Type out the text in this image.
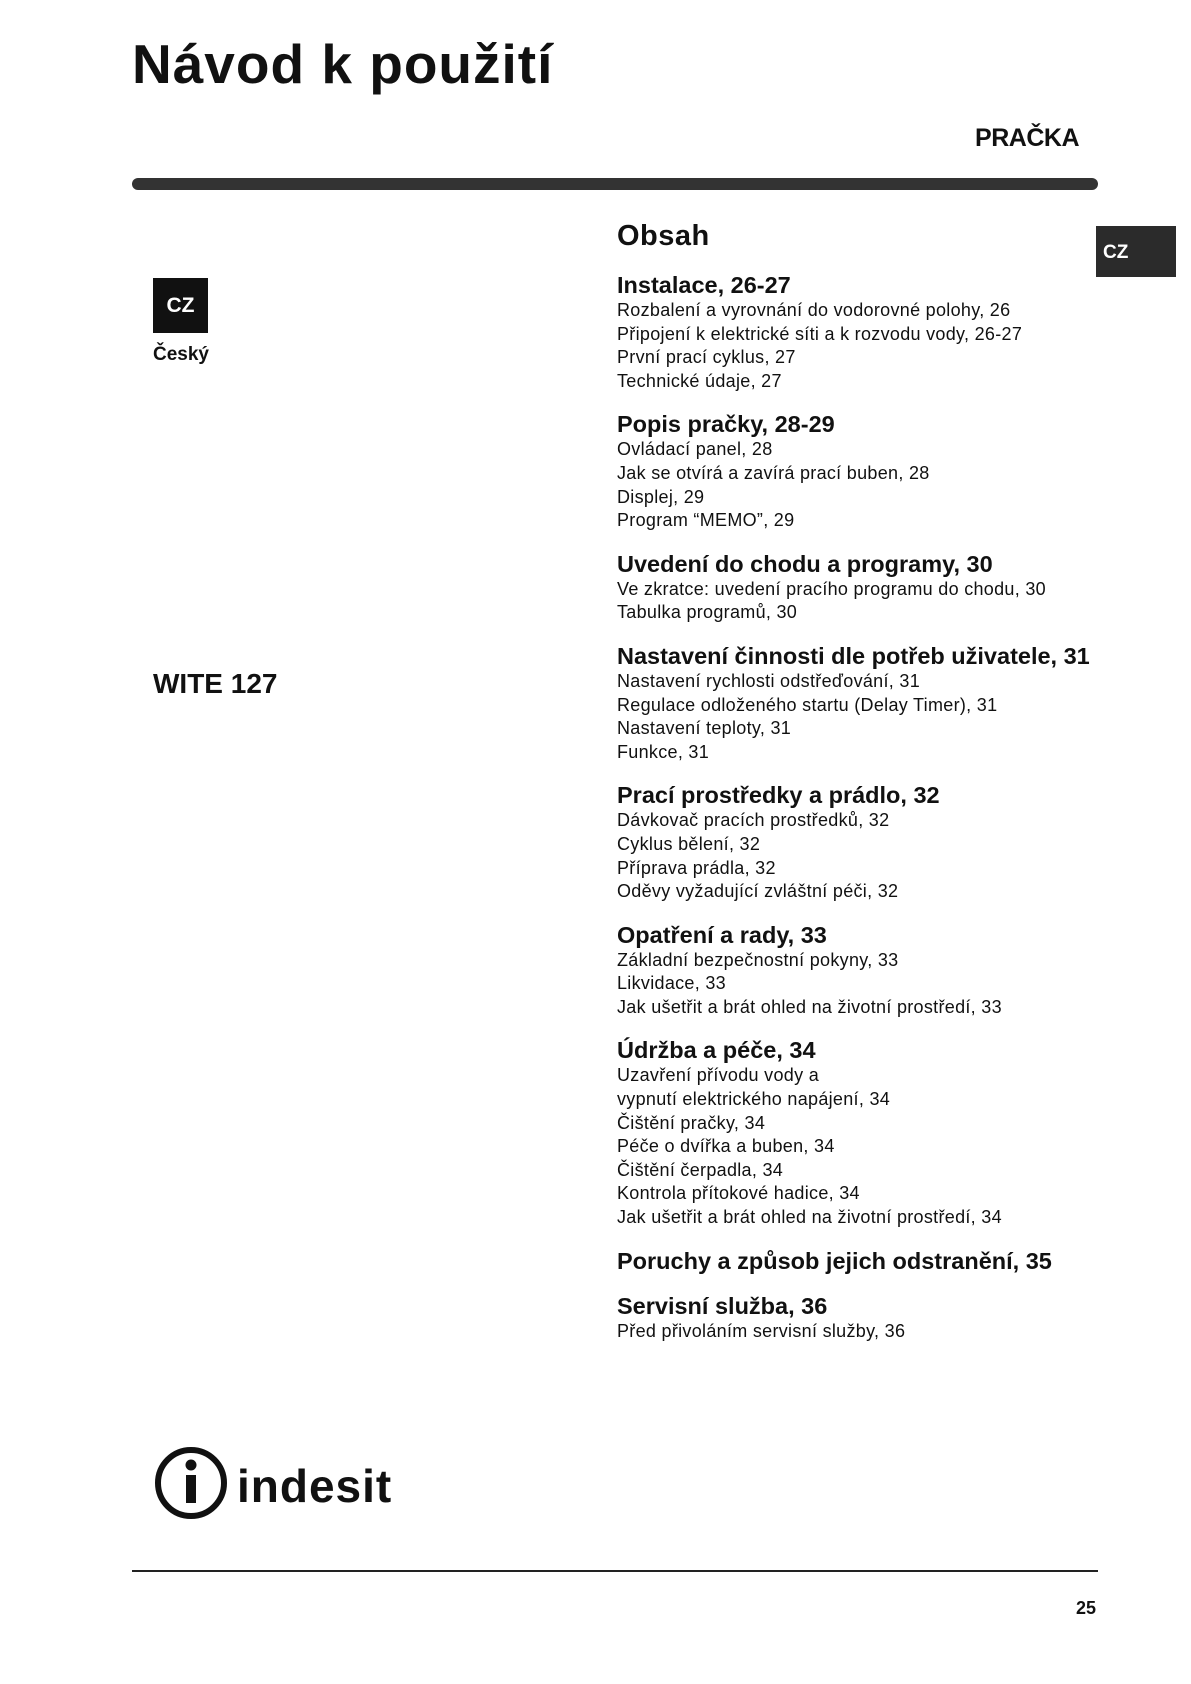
Návod k použití
PRAČKA
CZ
CZ
Český
WITE 127
Obsah
Instalace, 26-27
Rozbalení a vyrovnání do vodorovné polohy, 26
Připojení k elektrické síti a k rozvodu vody, 26-27
První prací cyklus, 27
Technické údaje, 27
Popis pračky, 28-29
Ovládací panel, 28
Jak se otvírá a zavírá prací buben, 28
Displej, 29
Program “MEMO”, 29
Uvedení do chodu a programy, 30
Ve zkratce: uvedení pracího programu do chodu, 30
Tabulka programů, 30
Nastavení činnosti dle potřeb uživatele, 31
Nastavení rychlosti odstřeďování, 31
Regulace odloženého startu (Delay Timer), 31
Nastavení teploty, 31
Funkce, 31
Prací prostředky a prádlo, 32
Dávkovač pracích prostředků, 32
Cyklus bělení, 32
Příprava prádla, 32
Oděvy vyžadující zvláštní péči, 32
Opatření a rady, 33
Základní bezpečnostní pokyny, 33
Likvidace, 33
Jak ušetřit a brát ohled na životní prostředí, 33
Údržba a péče, 34
Uzavření přívodu vody a
vypnutí elektrického napájení, 34
Čištění pračky, 34
Péče o dvířka a buben, 34
Čištění čerpadla, 34
Kontrola přítokové hadice, 34
Jak ušetřit a brát ohled na životní prostředí, 34
Poruchy a způsob jejich odstranění, 35
Servisní služba, 36
Před přivoláním servisní služby, 36
indesit
25
